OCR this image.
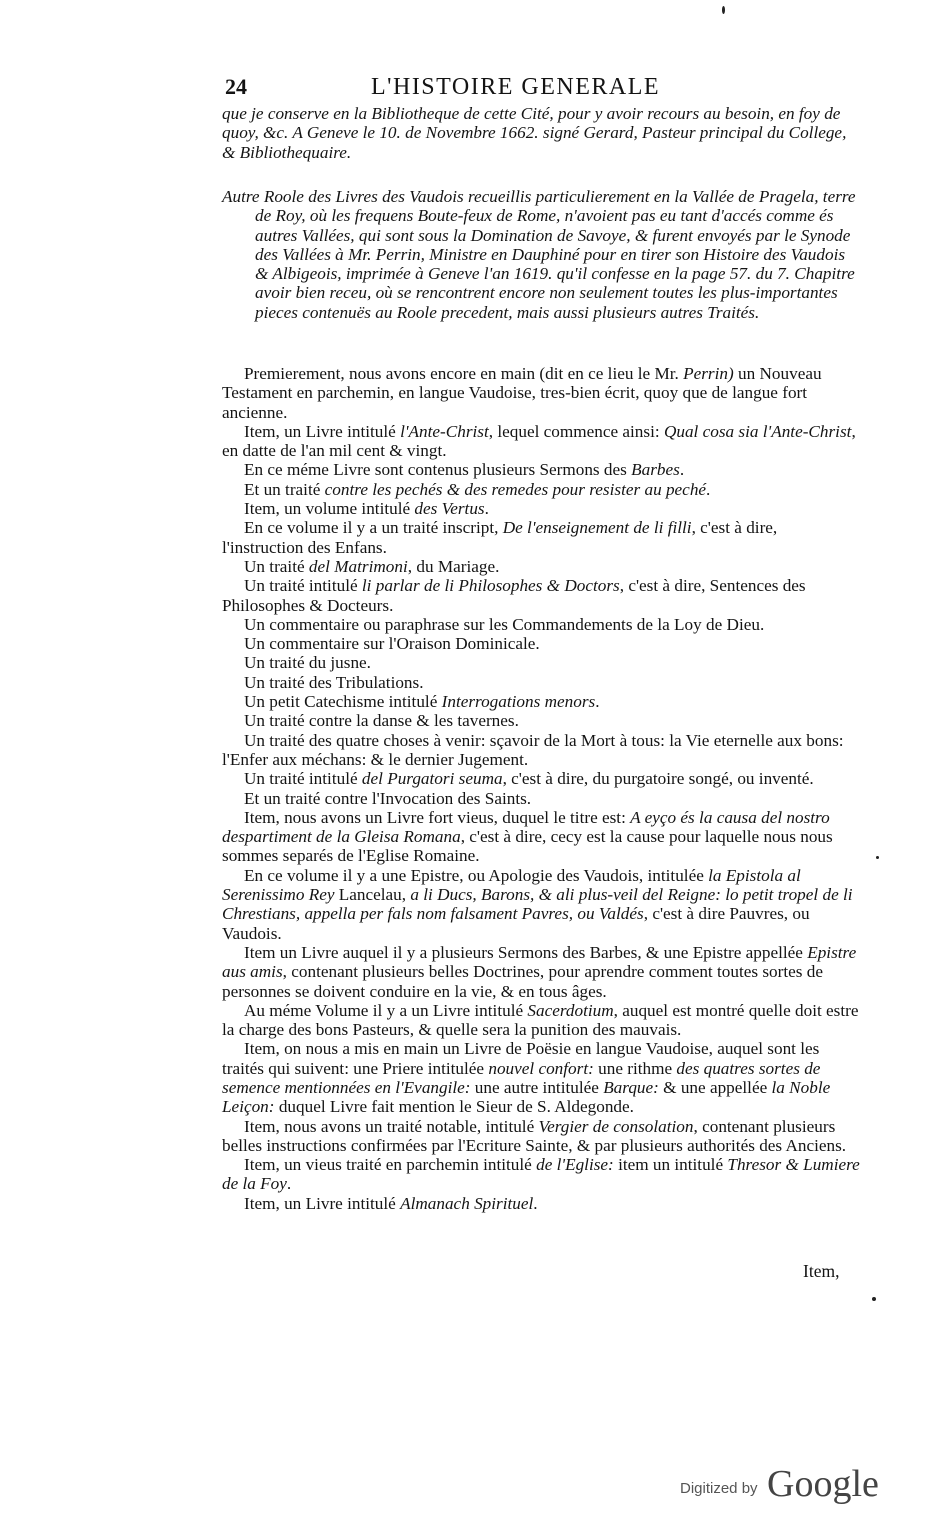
24	L'HISTOIRE GENERALE

que je conserve en la Bibliotheque de cette Cité, pour y avoir recours au besoin, en foy de quoy, &c. A Geneve le 10. de Novembre 1662. signé Gerard, Pasteur principal du College, & Bibliothequaire.

Autre Roole des Livres des Vaudois recueillis particulierement en la Vallée de Pragela, terre de Roy, où les frequens Boute-feux de Rome, n'avoient pas eu tant d'accés comme és autres Vallées, qui sont sous la Domination de Savoye, & furent envoyés par le Synode des Vallées à Mr. Perrin, Ministre en Dauphiné pour en tirer son Histoire des Vaudois & Albigeois, imprimée à Geneve l'an 1619. qu'il confesse en la page 57. du 7. Chapitre avoir bien receu, où se rencontrent encore non seulement toutes les plus-importantes pieces contenuës au Roole precedent, mais aussi plusieurs autres Traités.

Premierement, nous avons encore en main (dit en ce lieu le Mr. Perrin) un Nouveau Testament en parchemin, en langue Vaudoise, tres-bien écrit, quoy que de langue fort ancienne.

Item, un Livre intitulé l'Ante-Christ, lequel commence ainsi: Qual cosa sia l'Ante-Christ, en datte de l'an mil cent & vingt.

En ce méme Livre sont contenus plusieurs Sermons des Barbes.

Et un traité contre les pechés & des remedes pour resister au peché.

Item, un volume intitulé des Vertus.

En ce volume il y a un traité inscript, De l'enseignement de li filli, c'est à dire, l'instruction des Enfans.

Un traité del Matrimoni, du Mariage.

Un traité intitulé li parlar de li Philosophes & Doctors, c'est à dire, Sentences des Philosophes & Docteurs.

Un commentaire ou paraphrase sur les Commandements de la Loy de Dieu.

Un commentaire sur l'Oraison Dominicale.

Un traité du jusne.

Un traité des Tribulations.

Un petit Catechisme intitulé Interrogations menors.

Un traité contre la danse & les tavernes.

Un traité des quatre choses à venir: sçavoir de la Mort à tous: la Vie eternelle aux bons: l'Enfer aux méchans: & le dernier Jugement.

Un traité intitulé del Purgatori seuma, c'est à dire, du purgatoire songé, ou inventé.

Et un traité contre l'Invocation des Saints.

Item, nous avons un Livre fort vieus, duquel le titre est: A eyço és la causa del nostro despartiment de la Gleisa Romana, c'est à dire, cecy est la cause pour laquelle nous nous sommes separés de l'Eglise Romaine.

En ce volume il y a une Epistre, ou Apologie des Vaudois, intitulée la Epistola al Serenissimo Rey Lancelau, a li Ducs, Barons, & ali plus-veil del Reigne: lo petit tropel de li Chrestians, appella per fals nom falsament Pavres, ou Valdés, c'est à dire Pauvres, ou Vaudois.

Item un Livre auquel il y a plusieurs Sermons des Barbes, & une Epistre appellée Epistre aus amis, contenant plusieurs belles Doctrines, pour aprendre comment toutes sortes de personnes se doivent conduire en la vie, & en tous âges.

Au méme Volume il y a un Livre intitulé Sacerdotium, auquel est montré quelle doit estre la charge des bons Pasteurs, & quelle sera la punition des mauvais.

Item, on nous a mis en main un Livre de Poësie en langue Vaudoise, auquel sont les traités qui suivent: une Priere intitulée nouvel confort: une rithme des quatres sortes de semence mentionnées en l'Evangile: une autre intitulée Barque: & une appellée la Noble Leiçon: duquel Livre fait mention le Sieur de S. Aldegonde.

Item, nous avons un traité notable, intitulé Vergier de consolation, contenant plusieurs belles instructions confirmées par l'Ecriture Sainte, & par plusieurs authorités des Anciens.

Item, un vieus traité en parchemin intitulé de l'Eglise: item un intitulé Thresor & Lumiere de la Foy.

Item, un Livre intitulé Almanach Spirituel.

Item,
Digitized by Google
